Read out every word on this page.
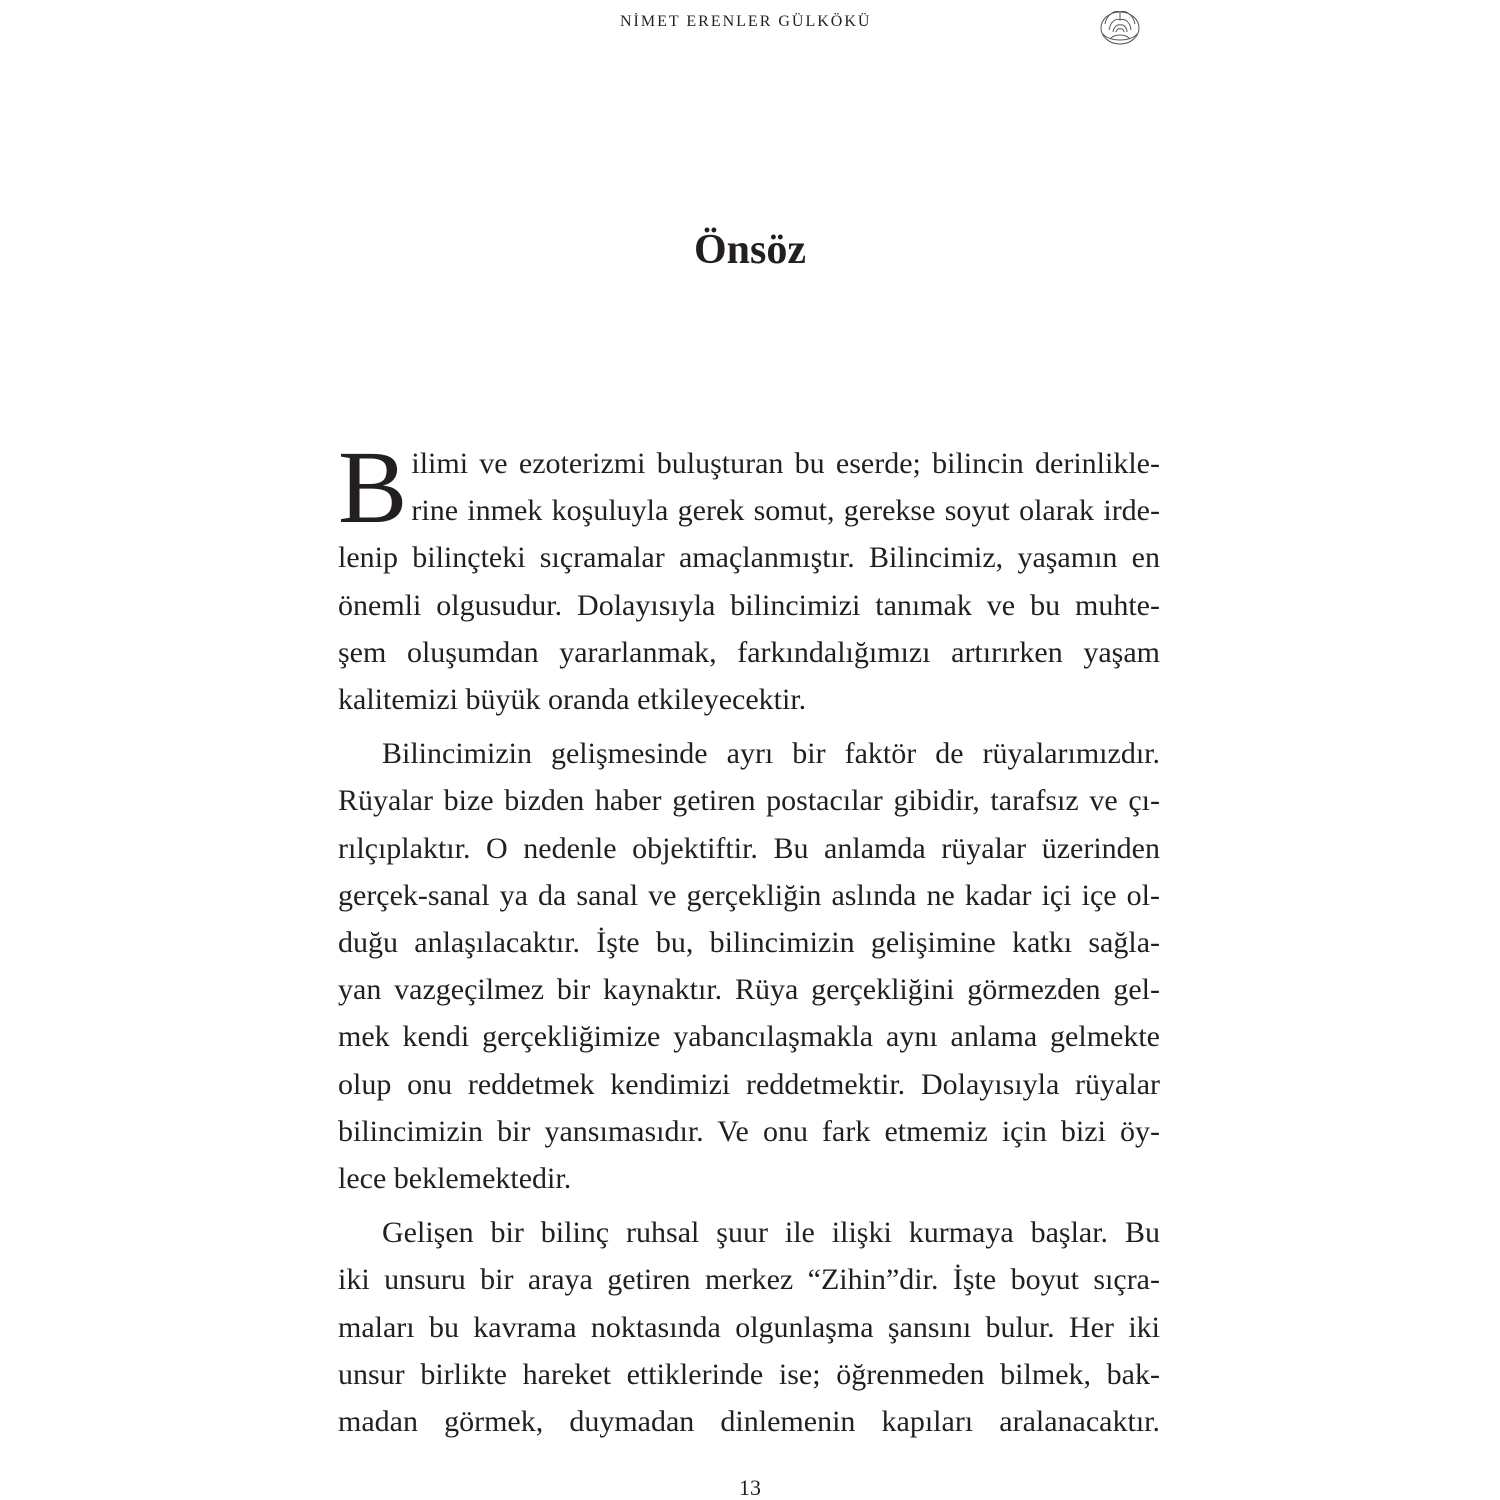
NİMET ERENLER GÜLKÖKÜ
Önsöz
B ilimi ve ezoterizmi buluşturan bu eserde; bilincin derinlikle-
rine inmek koşuluyla gerek somut, gerekse soyut olarak irde-
lenip bilinçteki sıçramalar amaçlanmıştır. Bilincimiz, yaşamın en
önemli olgusudur. Dolayısıyla bilincimizi tanımak ve bu muhte-
şem oluşumdan yararlanmak, farkındalığımızı artırırken yaşam
kalitemizi büyük oranda etkileyecektir.
Bilincimizin gelişmesinde ayrı bir faktör de rüyalarımızdır.
Rüyalar bize bizden haber getiren postacılar gibidir, tarafsız ve çı-
rılçıplaktır. O nedenle objektiftir. Bu anlamda rüyalar üzerinden
gerçek-sanal ya da sanal ve gerçekliğin aslında ne kadar içi içe ol-
duğu anlaşılacaktır. İşte bu, bilincimizin gelişimine katkı sağla-
yan vazgeçilmez bir kaynaktır. Rüya gerçekliğini görmezden gel-
mek kendi gerçekliğimize yabancılaşmakla aynı anlama gelmekte
olup onu reddetmek kendimizi reddetmektir. Dolayısıyla rüyalar
bilincimizin bir yansımasıdır. Ve onu fark etmemiz için bizi öy-
lece beklemektedir.
Gelişen bir bilinç ruhsal şuur ile ilişki kurmaya başlar. Bu
iki unsuru bir araya getiren merkez “Zihin”dir. İşte boyut sıçra-
maları bu kavrama noktasında olgunlaşma şansını bulur. Her iki
unsur birlikte hareket ettiklerinde ise; öğrenmeden bilmek, bak-
madan görmek, duymadan dinlemenin kapıları aralanacaktır.
13
